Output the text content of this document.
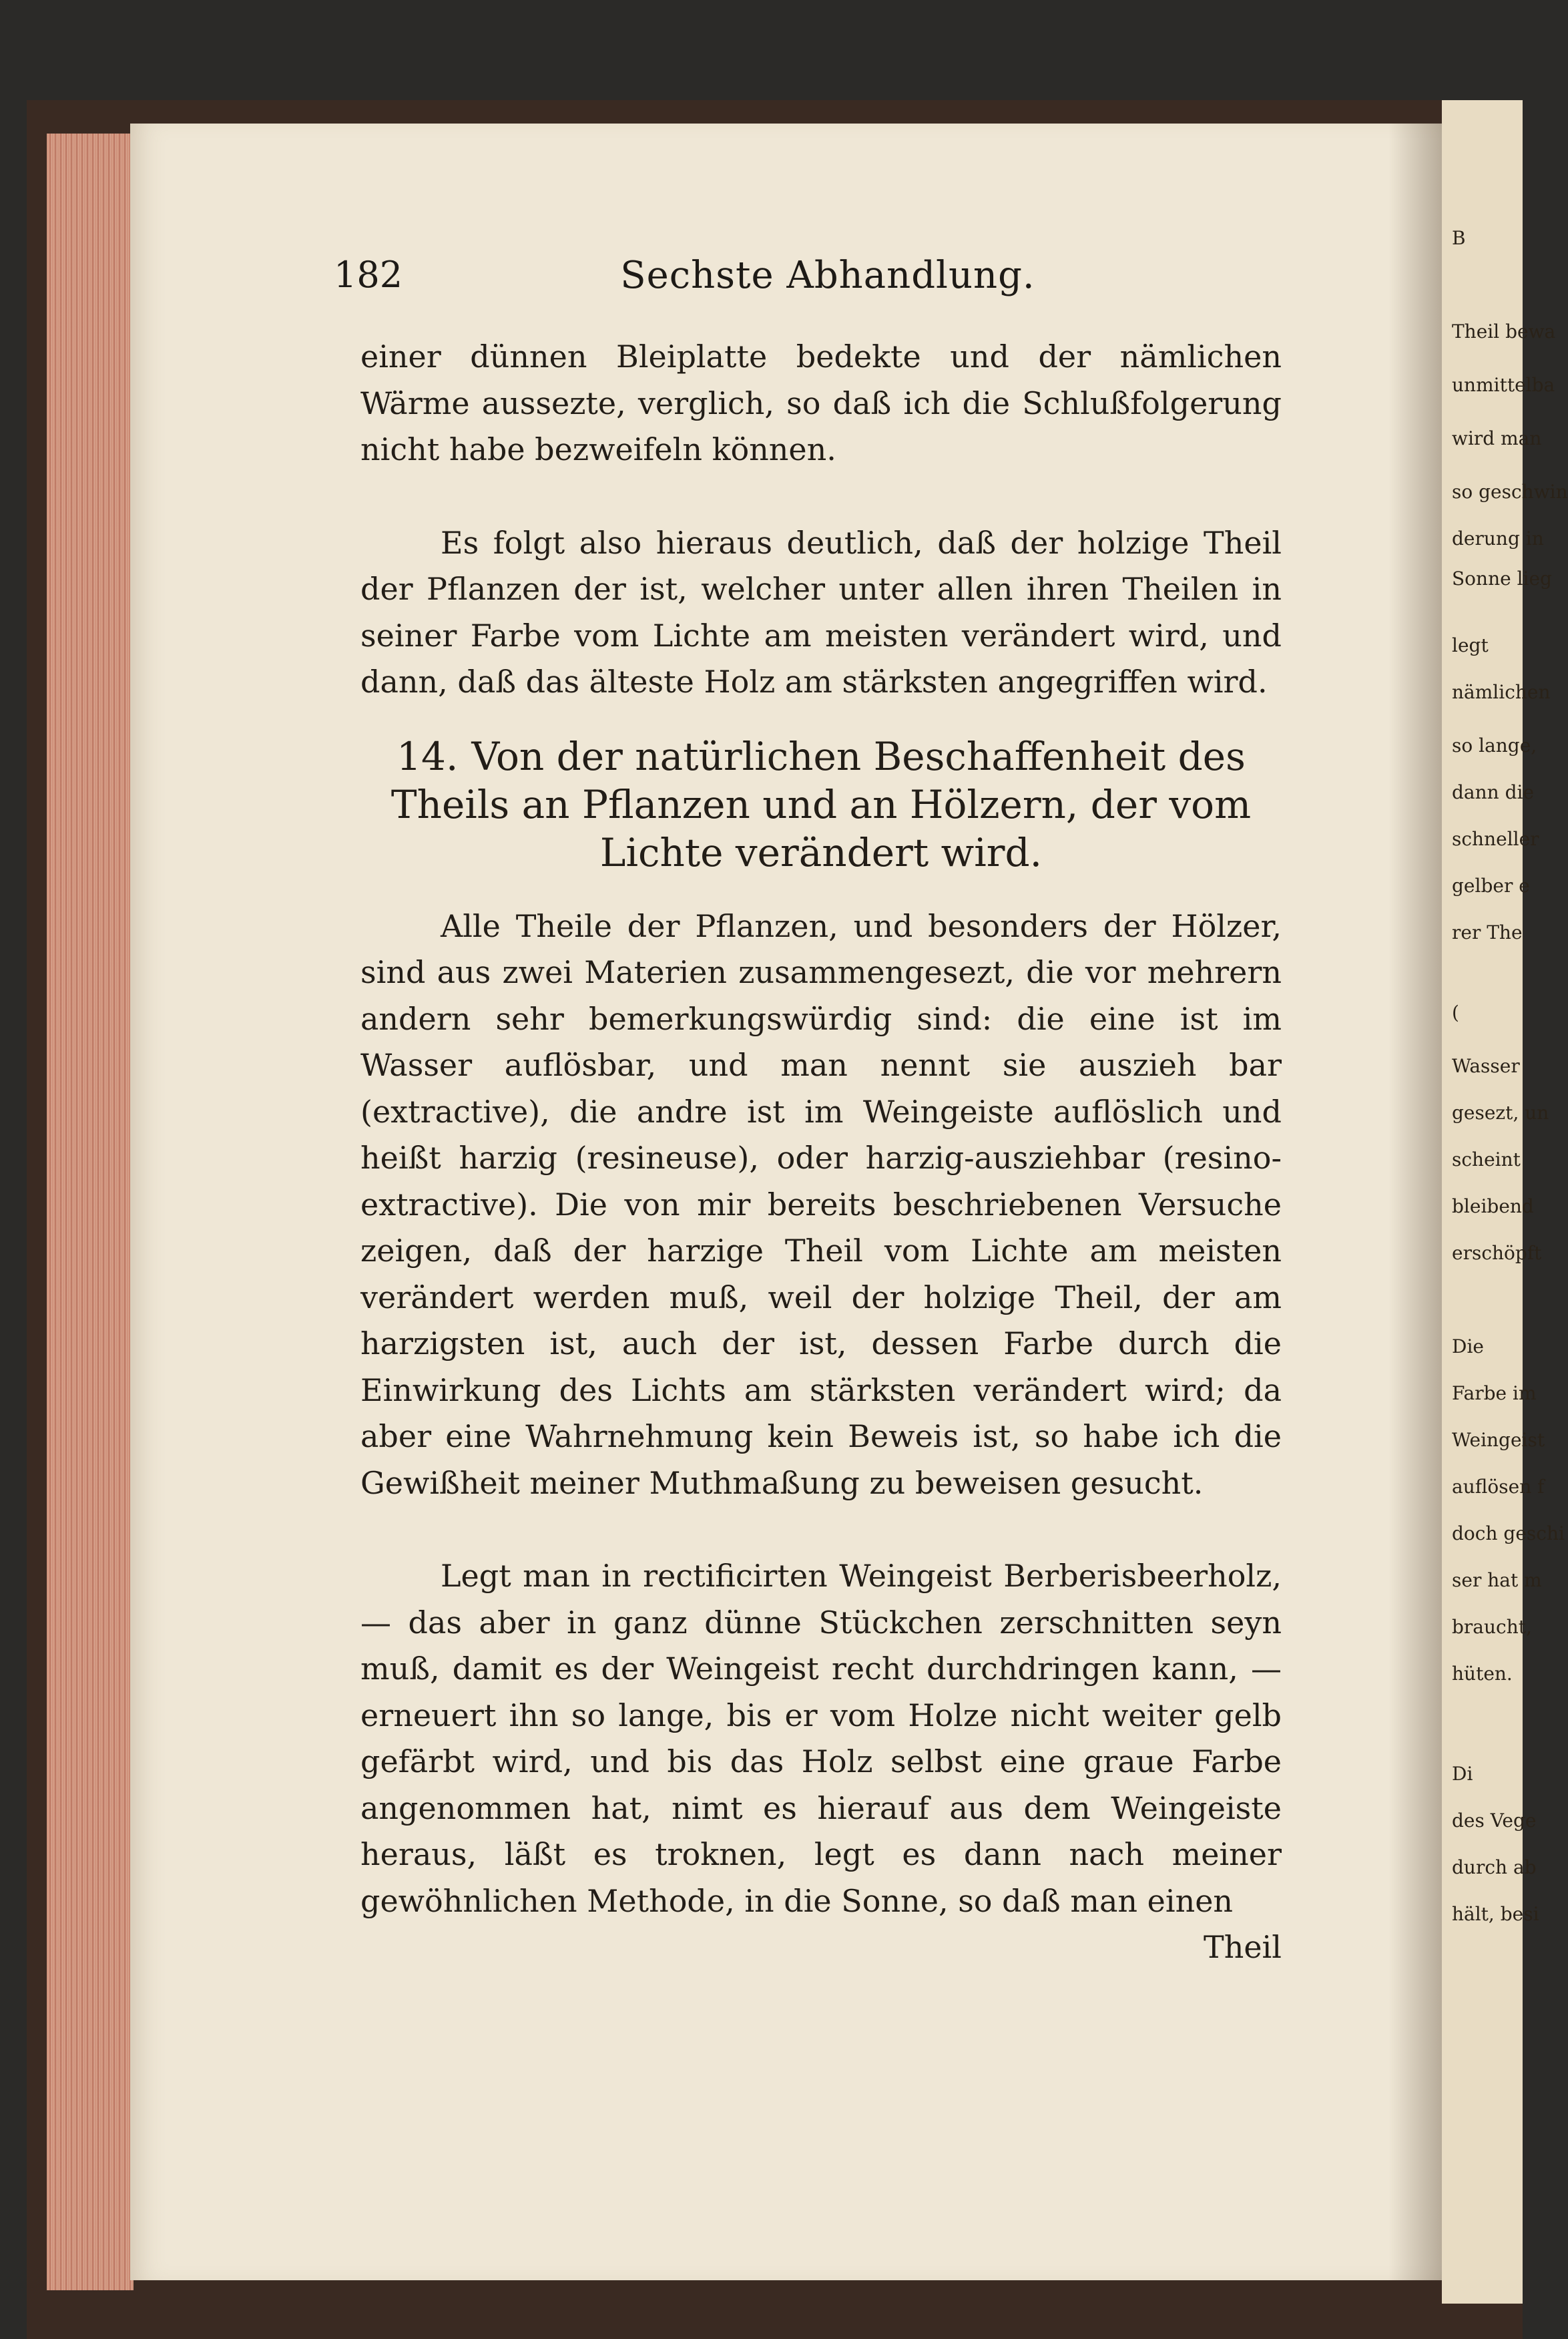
B
Theil bewa
unmittelba
wird man
so geschwin
derung in
Sonne lieg
legt
nämlichen
so lange,
dann die
schneller
gelber e
rer The
(
Wasser
gesezt, un
scheint
bleibend
erschöpft
Die
Farbe im
Weingeist
auflösen f
doch geschi
ser hat m
braucht,
hüten.
Di
des Vege
durch ab
hält, besi
182	Sechste Abhandlung.

einer dünnen Bleiplatte bedekte und der nämlichen Wärme aussezte, verglich, so daß ich die Schlußfolgerung nicht habe bezweifeln können.

Es folgt also hieraus deutlich, daß der holzige Theil der Pflanzen der ist, welcher unter allen ihren Theilen in seiner Farbe vom Lichte am meisten verändert wird, und dann, daß das älteste Holz am stärksten angegriffen wird.

14. Von der natürlichen Beschaffenheit des Theils an Pflanzen und an Hölzern, der vom Lichte verändert wird.

Alle Theile der Pflanzen, und besonders der Hölzer, sind aus zwei Materien zusammengesezt, die vor mehrern andern sehr bemerkungswürdig sind: die eine ist im Wasser auflösbar, und man nennt sie auszieh bar (extractive), die andre ist im Weingeiste auflöslich und heißt harzig (resineuse), oder harzig-ausziehbar (resino-extractive). Die von mir bereits beschriebenen Versuche zeigen, daß der harzige Theil vom Lichte am meisten verändert werden muß, weil der holzige Theil, der am harzigsten ist, auch der ist, dessen Farbe durch die Einwirkung des Lichts am stärksten verändert wird; da aber eine Wahrnehmung kein Beweis ist, so habe ich die Gewißheit meiner Muthmaßung zu beweisen gesucht.

Legt man in rectificirten Weingeist Berberisbeerholz, — das aber in ganz dünne Stückchen zerschnitten seyn muß, damit es der Weingeist recht durchdringen kann, — erneuert ihn so lange, bis er vom Holze nicht weiter gelb gefärbt wird, und bis das Holz selbst eine graue Farbe angenommen hat, nimt es hierauf aus dem Weingeiste heraus, läßt es troknen, legt es dann nach meiner gewöhnlichen Methode, in die Sonne, so daß man einen

Theil
